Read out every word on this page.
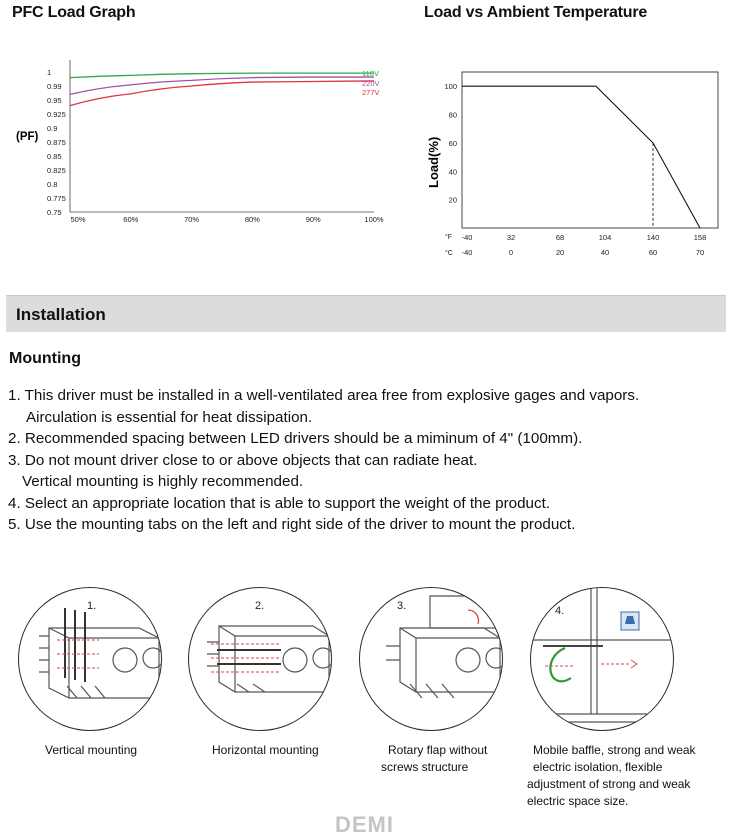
PFC Load Graph
1
0.99
0.95
0.925
0.9
0.875
0.85
0.825
0.8
0.775
0.75
50%	60%	70%	80%	90%	100%
(PF)
110V
220V
277V
Load vs Ambient Temperature
Load(%)
100
80
60
40
20
°F
°C
-40	32	68	104	140	158
-40	0	20	40	60	70
Installation
Mounting
1. This driver must be installed in a well-ventilated area free from explosive gages and vapors.
Airculation is essential for heat dissipation.
2. Recommended spacing between LED drivers should be a miminum of 4" (100mm).
3. Do not mount driver close to or above objects that can radiate heat.
Vertical mounting is highly recommended.
4. Select an appropriate location that is able to support the weight of the product.
5. Use the mounting tabs on the left and right side of the driver to mount the product.
1.	2.	3.	4.
Vertical mounting	Horizontal mounting	Rotary flap without
screws structure
Mobile baffle, strong and weak
electric isolation, flexible
adjustment of strong and weak
electric space size.
DEMI
